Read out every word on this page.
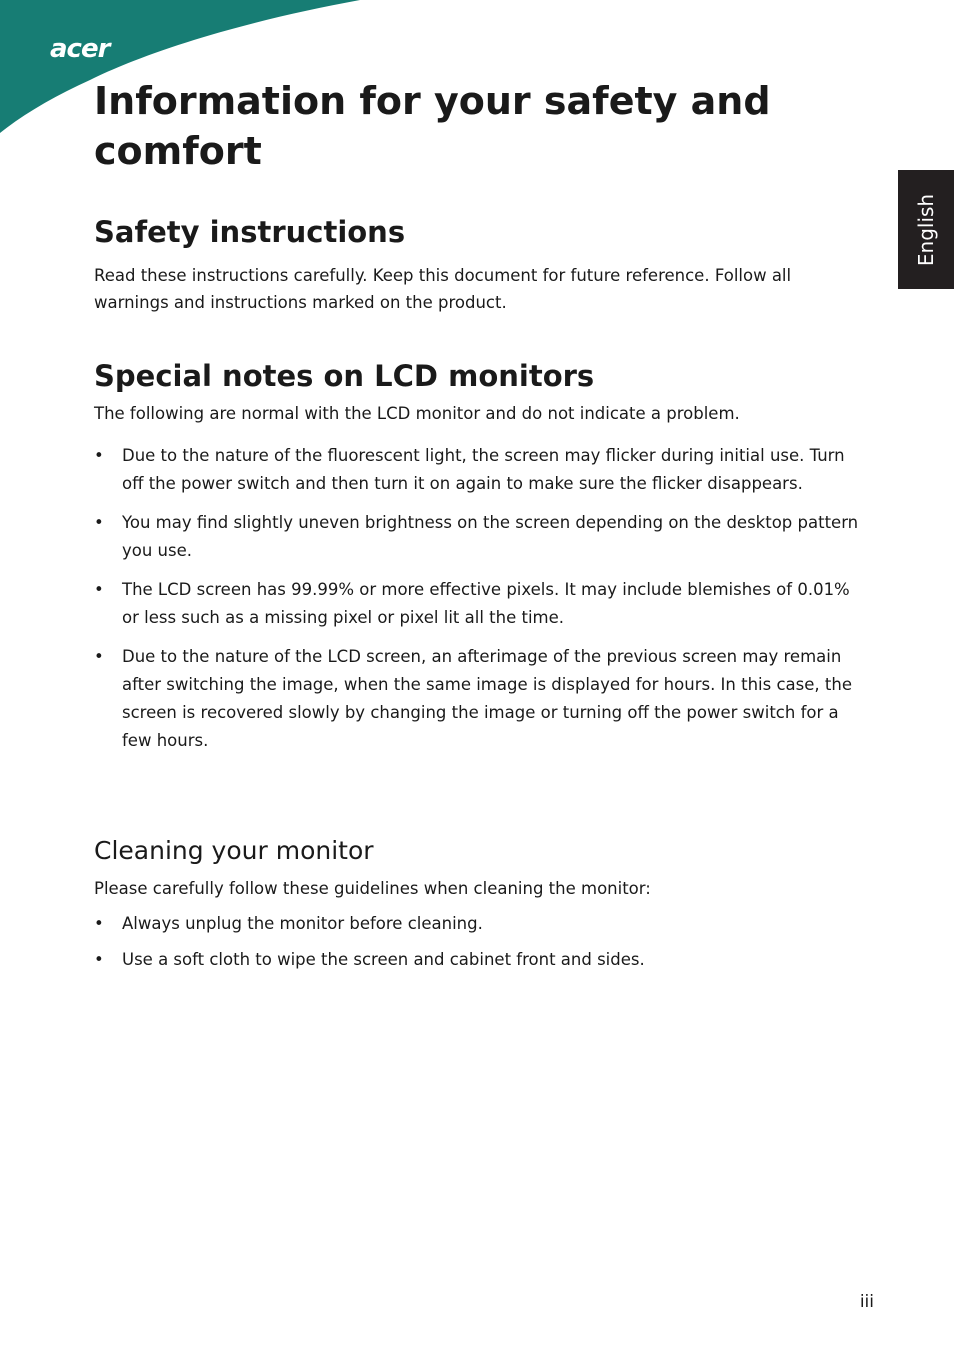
acer
English
Information for your safety and comfort
Safety instructions

Read these instructions carefully. Keep this document for future reference. Follow all warnings and instructions marked on the product.

Special notes on LCD monitors

The following are normal with the LCD monitor and do not indicate a problem.

• Due to the nature of the fluorescent light, the screen may flicker during initial use. Turn off the power switch and then turn it on again to make sure the flicker disappears.
• You may find slightly uneven brightness on the screen depending on the desktop pattern you use.
• The LCD screen has 99.99% or more effective pixels. It may include blemishes of 0.01% or less such as a missing pixel or pixel lit all the time.
• Due to the nature of the LCD screen, an afterimage of the previous screen may remain after switching the image, when the same image is displayed for hours. In this case, the screen is recovered slowly by changing the image or turning off the power switch for a few hours.
Cleaning your monitor

Please carefully follow these guidelines when cleaning the monitor:

• Always unplug the monitor before cleaning.
• Use a soft cloth to wipe the screen and cabinet front and sides.
iii
